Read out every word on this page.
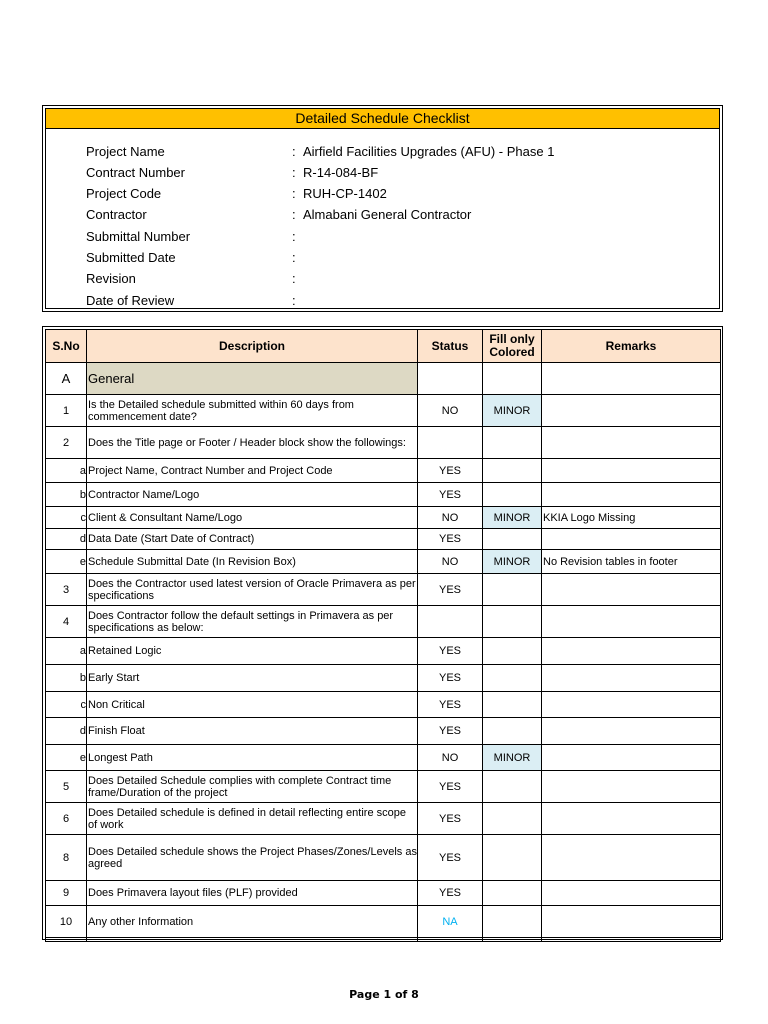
Detailed Schedule Checklist
Project Name	: Airfield Facilities Upgrades (AFU) - Phase 1
Contract Number	: R-14-084-BF
Project Code	: RUH-CP-1402
Contractor	: Almabani General Contractor
Submittal Number	:
Submitted Date	:
Revision	:
Date of Review	:
S.No	Description	Status	Fill only Colored	Remarks
A	General			
1	Is the Detailed schedule submitted within 60 days from commencement date?	NO	MINOR	
2	Does the Title page or Footer / Header block show the followings:			
a	Project Name, Contract Number and Project Code	YES		
b	Contractor Name/Logo	YES		
c	Client & Consultant Name/Logo	NO	MINOR	KKIA Logo Missing
d	Data Date (Start Date of Contract)	YES		
e	Schedule Submittal Date (In Revision Box)	NO	MINOR	No Revision tables in footer
3	Does the Contractor used latest version of Oracle Primavera as per specifications	YES		
4	Does Contractor follow the default settings in Primavera as per specifications as below:			
a	Retained Logic	YES		
b	Early Start	YES		
c	Non Critical	YES		
d	Finish Float	YES		
e	Longest Path	NO	MINOR	
5	Does Detailed Schedule complies with complete Contract time frame/Duration of the project	YES		
6	Does Detailed schedule is defined in detail reflecting entire scope of work	YES		
8	Does Detailed schedule shows the Project Phases/Zones/Levels as agreed	YES		
9	Does Primavera layout files (PLF) provided	YES		
10	Any other Information	NA		

Page 1 of 8
